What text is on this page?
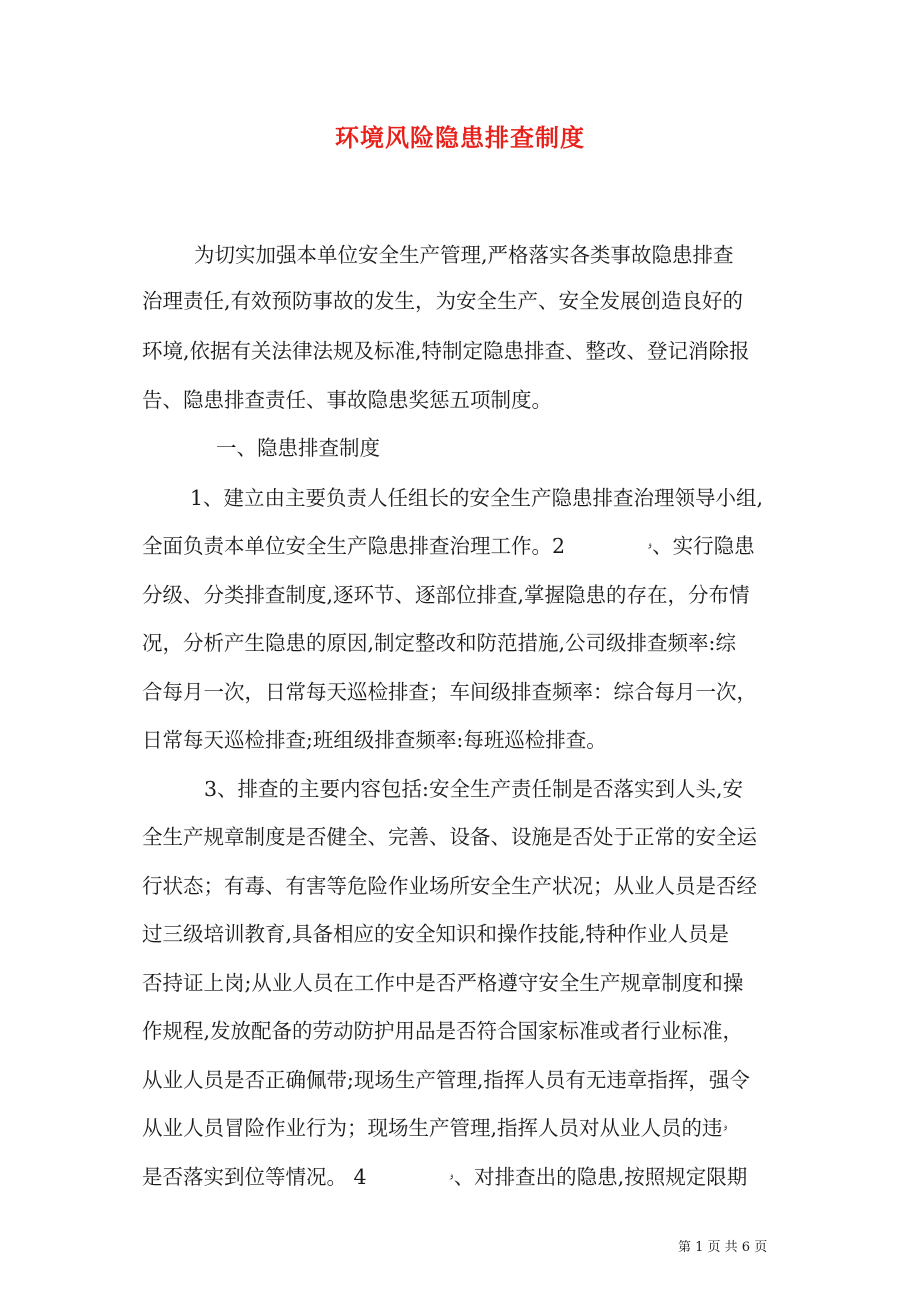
环境风险隐患排查制度
为切实加强本单位安全生产管理,严格落实各类事故隐患排查
治理责任,有效预防事故的发生，为安全生产、安全发展创造良好的
环境,依据有关法律法规及标准,特制定隐患排查、整改、登记消除报
告、隐患排查责任、事故隐患奖惩五项制度。
一、隐患排查制度
1、建立由主要负责人任组长的安全生产隐患排查治理领导小组,
全面负责本单位安全生产隐患排查治理工作。2　　　　ۥ、实行隐患
分级、分类排查制度,逐环节、逐部位排查,掌握隐患的存在，分布情
况，分析产生隐患的原因,制定整改和防范措施,公司级排查频率:综
合每月一次，日常每天巡检排查；车间级排查频率：综合每月一次，
日常每天巡检排查;班组级排查频率:每班巡检排查。
3、排查的主要内容包括:安全生产责任制是否落实到人头,安
全生产规章制度是否健全、完善、设备、设施是否处于正常的安全运
行状态；有毒、有害等危险作业场所安全生产状况；从业人员是否经
过三级培训教育,具备相应的安全知识和操作技能,特种作业人员是
否持证上岗;从业人员在工作中是否严格遵守安全生产规章制度和操
作规程,发放配备的劳动防护用品是否符合国家标准或者行业标准，
从业人员是否正确佩带;现场生产管理,指挥人员有无违章指挥，强令
从业人员冒险作业行为；现场生产管理,指挥人员对从业人员的违ۥ
是否落实到位等情况。 4　　　　ۥ、对排查出的隐患,按照规定限期
第 1 页 共 6 页
